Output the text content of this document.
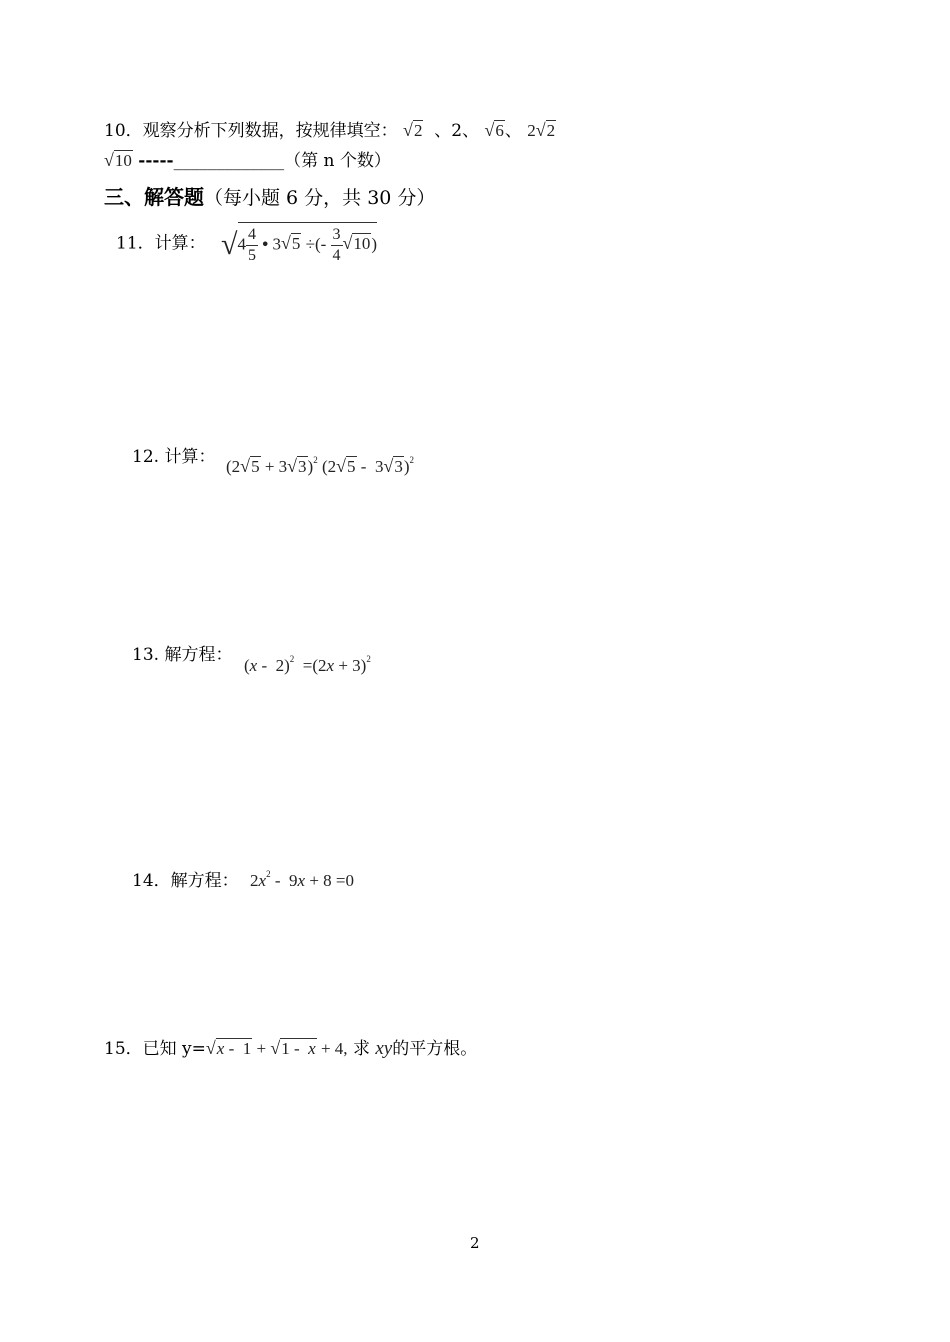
10．观察分析下列数据，按规律填空： √2 、2、 √6、 2√2
√10 -----_____________（第 n 个数）
三、解答题（每小题 6 分，共 30 分）
11．计算： $√4 \frac{4}{5}$ • 3√5 ÷(- $\frac{3}{4} √10$)
12. 计算： $(2√5 + 3√3)^2$ (2√5 -  3√3)$^2$
13. 解方程：
$(x - 2)^2 =(2x + 3)^2$
14．解方程： $2x^2 - 9x + 8 =0$
15．已知 y=√x -  1 + √1 -  x + 4, 求 xy的平方根。
2
